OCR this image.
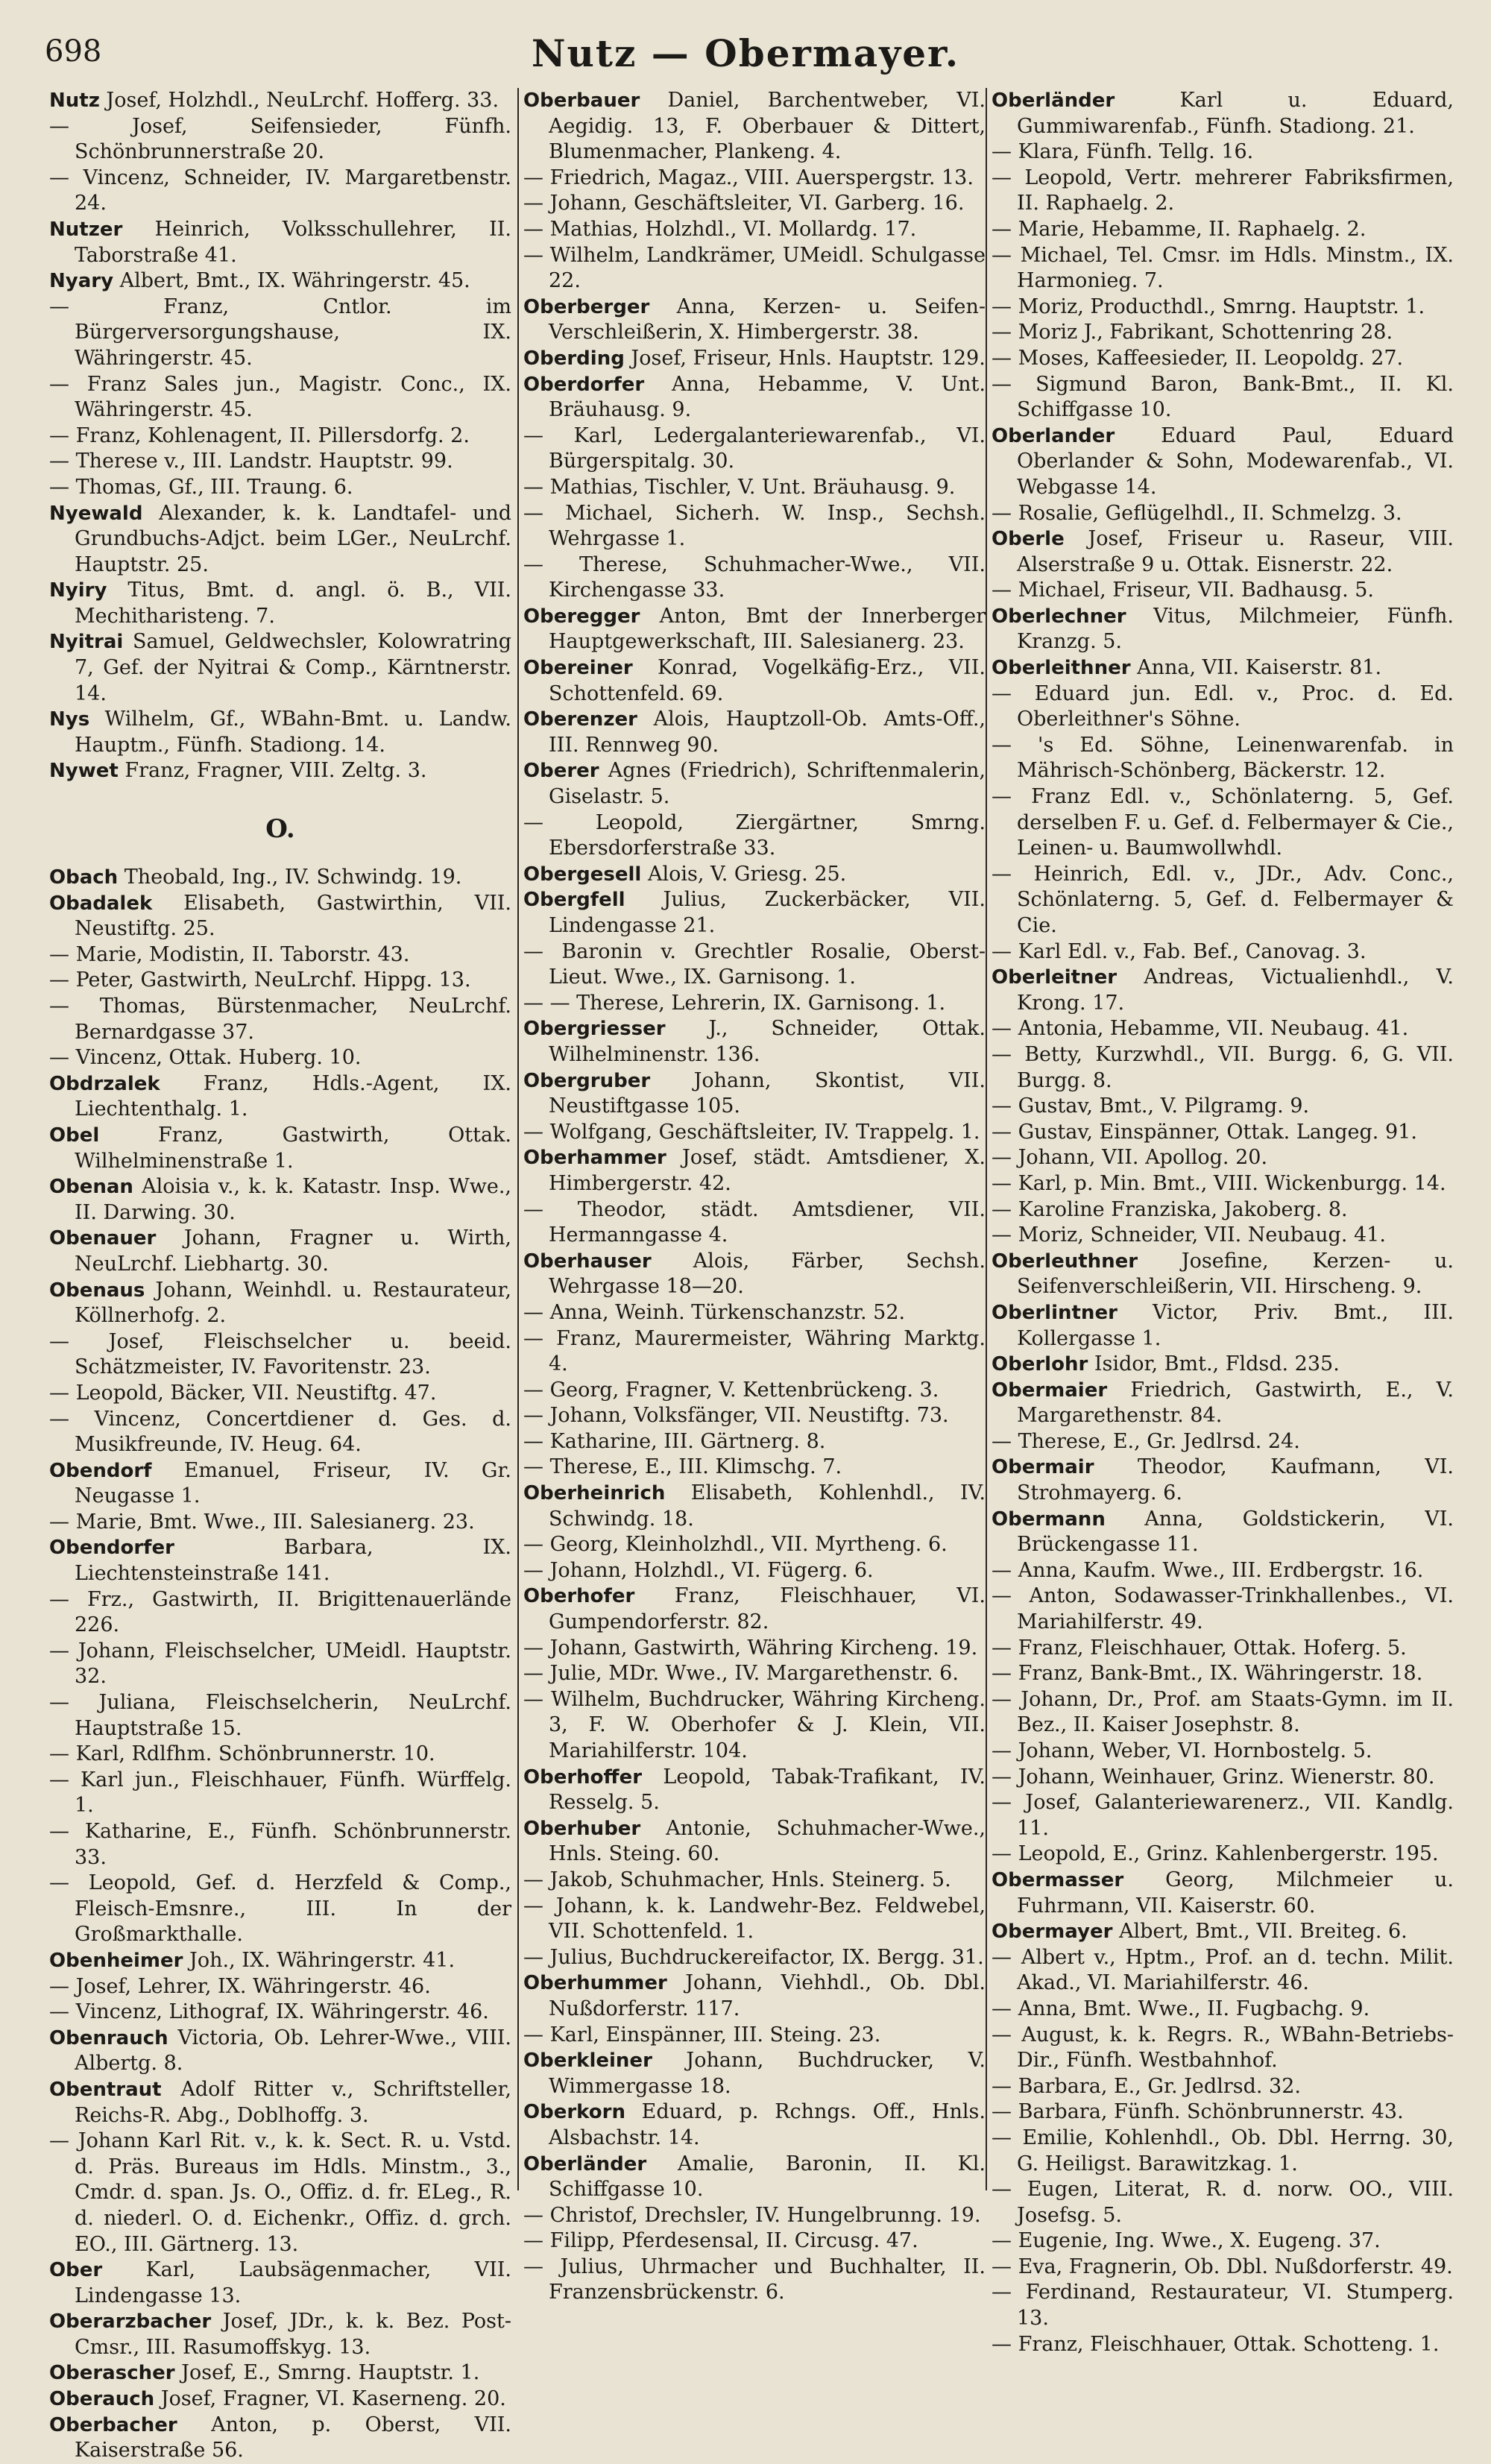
698	Nutz — Obermayer.

Nutz Josef, Holzhdl., NeuLrchf. Hofferg. 33.

— Josef, Seifensieder, Fünfh. Schönbrunnerstraße 20.

— Vincenz, Schneider, IV. Margaretbenstr. 24.

Nutzer Heinrich, Volksschullehrer, II. Taborstraße 41.

Nyary Albert, Bmt., IX. Währingerstr. 45.

— Franz, Cntlor. im Bürgerversorgungshause, IX. Währingerstr. 45.

— Franz Sales jun., Magistr. Conc., IX. Währingerstr. 45.

— Franz, Kohlenagent, II. Pillersdorfg. 2.

— Therese v., III. Landstr. Hauptstr. 99.

— Thomas, Gf., III. Traung. 6.

Nyewald Alexander, k. k. Landtafel- und Grundbuchs-Adjct. beim LGer., NeuLrchf. Hauptstr. 25.

Nyiry Titus, Bmt. d. angl. ö. B., VII. Mechitharisteng. 7.

Nyitrai Samuel, Geldwechsler, Kolowratring 7, Gef. der Nyitrai & Comp., Kärntnerstr. 14.

Nys Wilhelm, Gf., WBahn-Bmt. u. Landw. Hauptm., Fünfh. Stadiong. 14.

Nywet Franz, Fragner, VIII. Zeltg. 3.

O.

Obach Theobald, Ing., IV. Schwindg. 19.

Obadalek Elisabeth, Gastwirthin, VII. Neustiftg. 25.

— Marie, Modistin, II. Taborstr. 43.

— Peter, Gastwirth, NeuLrchf. Hippg. 13.

— Thomas, Bürstenmacher, NeuLrchf. Bernardgasse 37.

— Vincenz, Ottak. Huberg. 10.

Obdrzalek Franz, Hdls.-Agent, IX. Liechtenthalg. 1.

Obel Franz, Gastwirth, Ottak. Wilhelminenstraße 1.

Obenan Aloisia v., k. k. Katastr. Insp. Wwe., II. Darwing. 30.

Obenauer Johann, Fragner u. Wirth, NeuLrchf. Liebhartg. 30.

Obenaus Johann, Weinhdl. u. Restaurateur, Köllnerhofg. 2.

— Josef, Fleischselcher u. beeid. Schätzmeister, IV. Favoritenstr. 23.

— Leopold, Bäcker, VII. Neustiftg. 47.

— Vincenz, Concertdiener d. Ges. d. Musikfreunde, IV. Heug. 64.

Obendorf Emanuel, Friseur, IV. Gr. Neugasse 1.

— Marie, Bmt. Wwe., III. Salesianerg. 23.

Obendorfer Barbara, IX. Liechtensteinstraße 141.

— Frz., Gastwirth, II. Brigittenauerlände 226.

— Johann, Fleischselcher, UMeidl. Hauptstr. 32.

— Juliana, Fleischselcherin, NeuLrchf. Hauptstraße 15.

— Karl, Rdlfhm. Schönbrunnerstr. 10.

— Karl jun., Fleischhauer, Fünfh. Würffelg. 1.

— Katharine, E., Fünfh. Schönbrunnerstr. 33.

— Leopold, Gef. d. Herzfeld & Comp., Fleisch-Emsnre., III. In der Großmarkthalle.

Obenheimer Joh., IX. Währingerstr. 41.

— Josef, Lehrer, IX. Währingerstr. 46.

— Vincenz, Lithograf, IX. Währingerstr. 46.

Obenrauch Victoria, Ob. Lehrer-Wwe., VIII. Albertg. 8.

Obentraut Adolf Ritter v., Schriftsteller, Reichs-R. Abg., Doblhoffg. 3.

— Johann Karl Rit. v., k. k. Sect. R. u. Vstd. d. Präs. Bureaus im Hdls. Minstm., 3., Cmdr. d. span. Js. O., Offiz. d. fr. ELeg., R. d. niederl. O. d. Eichenkr., Offiz. d. grch. EO., III. Gärtnerg. 13.

Ober Karl, Laubsägenmacher, VII. Lindengasse 13.

Oberarzbacher Josef, JDr., k. k. Bez. Post-Cmsr., III. Rasumoffskyg. 13.

Oberascher Josef, E., Smrng. Hauptstr. 1.

Oberauch Josef, Fragner, VI. Kaserneng. 20.

Oberbacher Anton, p. Oberst, VII. Kaiserstraße 56.

Oberbauer Daniel, Barchentweber, VI. Aegidig. 13, F. Oberbauer & Dittert, Blumenmacher, Plankeng. 4.

— Friedrich, Magaz., VIII. Auerspergstr. 13.

— Johann, Geschäftsleiter, VI. Garberg. 16.

— Mathias, Holzhdl., VI. Mollardg. 17.

— Wilhelm, Landkrämer, UMeidl. Schulgasse 22.

Oberberger Anna, Kerzen- u. Seifen-Verschleißerin, X. Himbergerstr. 38.

Oberding Josef, Friseur, Hnls. Hauptstr. 129.

Oberdorfer Anna, Hebamme, V. Unt. Bräuhausg. 9.

— Karl, Ledergalanteriewarenfab., VI. Bürgerspitalg. 30.

— Mathias, Tischler, V. Unt. Bräuhausg. 9.

— Michael, Sicherh. W. Insp., Sechsh. Wehrgasse 1.

— Therese, Schuhmacher-Wwe., VII. Kirchengasse 33.

Oberegger Anton, Bmt der Innerberger Hauptgewerkschaft, III. Salesianerg. 23.

Obereiner Konrad, Vogelkäfig-Erz., VII. Schottenfeld. 69.

Oberenzer Alois, Hauptzoll-Ob. Amts-Off., III. Rennweg 90.

Oberer Agnes (Friedrich), Schriftenmalerin, Giselastr. 5.

— Leopold, Ziergärtner, Smrng. Ebersdorferstraße 33.

Obergesell Alois, V. Griesg. 25.

Obergfell Julius, Zuckerbäcker, VII. Lindengasse 21.

— Baronin v. Grechtler Rosalie, Oberst-Lieut. Wwe., IX. Garnisong. 1.

— — Therese, Lehrerin, IX. Garnisong. 1.

Obergriesser J., Schneider, Ottak. Wilhelminenstr. 136.

Obergruber Johann, Skontist, VII. Neustiftgasse 105.

— Wolfgang, Geschäftsleiter, IV. Trappelg. 1.

Oberhammer Josef, städt. Amtsdiener, X. Himbergerstr. 42.

— Theodor, städt. Amtsdiener, VII. Hermanngasse 4.

Oberhauser Alois, Färber, Sechsh. Wehrgasse 18—20.

— Anna, Weinh. Türkenschanzstr. 52.

— Franz, Maurermeister, Währing Marktg. 4.

— Georg, Fragner, V. Kettenbrückeng. 3.

— Johann, Volksfänger, VII. Neustiftg. 73.

— Katharine, III. Gärtnerg. 8.

— Therese, E., III. Klimschg. 7.

Oberheinrich Elisabeth, Kohlenhdl., IV. Schwindg. 18.

— Georg, Kleinholzhdl., VII. Myrtheng. 6.

— Johann, Holzhdl., VI. Fügerg. 6.

Oberhofer Franz, Fleischhauer, VI. Gumpendorferstr. 82.

— Johann, Gastwirth, Währing Kircheng. 19.

— Julie, MDr. Wwe., IV. Margarethenstr. 6.

— Wilhelm, Buchdrucker, Währing Kircheng. 3, F. W. Oberhofer & J. Klein, VII. Mariahilferstr. 104.

Oberhoffer Leopold, Tabak-Trafikant, IV. Resselg. 5.

Oberhuber Antonie, Schuhmacher-Wwe., Hnls. Steing. 60.

— Jakob, Schuhmacher, Hnls. Steinerg. 5.

— Johann, k. k. Landwehr-Bez. Feldwebel, VII. Schottenfeld. 1.

— Julius, Buchdruckereifactor, IX. Bergg. 31.

Oberhummer Johann, Viehhdl., Ob. Dbl. Nußdorferstr. 117.

— Karl, Einspänner, III. Steing. 23.

Oberkleiner Johann, Buchdrucker, V. Wimmergasse 18.

Oberkorn Eduard, p. Rchngs. Off., Hnls. Alsbachstr. 14.

Oberländer Amalie, Baronin, II. Kl. Schiffgasse 10.

— Christof, Drechsler, IV. Hungelbrunng. 19.

— Filipp, Pferdesensal, II. Circusg. 47.

— Julius, Uhrmacher und Buchhalter, II. Franzensbrückenstr. 6.

Oberländer Karl u. Eduard, Gummiwarenfab., Fünfh. Stadiong. 21.

— Klara, Fünfh. Tellg. 16.

— Leopold, Vertr. mehrerer Fabriksfirmen, II. Raphaelg. 2.

— Marie, Hebamme, II. Raphaelg. 2.

— Michael, Tel. Cmsr. im Hdls. Minstm., IX. Harmonieg. 7.

— Moriz, Producthdl., Smrng. Hauptstr. 1.

— Moriz J., Fabrikant, Schottenring 28.

— Moses, Kaffeesieder, II. Leopoldg. 27.

— Sigmund Baron, Bank-Bmt., II. Kl. Schiffgasse 10.

Oberlander Eduard Paul, Eduard Oberlander & Sohn, Modewarenfab., VI. Webgasse 14.

— Rosalie, Geflügelhdl., II. Schmelzg. 3.

Oberle Josef, Friseur u. Raseur, VIII. Alserstraße 9 u. Ottak. Eisnerstr. 22.

— Michael, Friseur, VII. Badhausg. 5.

Oberlechner Vitus, Milchmeier, Fünfh. Kranzg. 5.

Oberleithner Anna, VII. Kaiserstr. 81.

— Eduard jun. Edl. v., Proc. d. Ed. Oberleithner's Söhne.

— 's Ed. Söhne, Leinenwarenfab. in Mährisch-Schönberg, Bäckerstr. 12.

— Franz Edl. v., Schönlaterng. 5, Gef. derselben F. u. Gef. d. Felbermayer & Cie., Leinen- u. Baumwollwhdl.

— Heinrich, Edl. v., JDr., Adv. Conc., Schönlaterng. 5, Gef. d. Felbermayer & Cie.

— Karl Edl. v., Fab. Bef., Canovag. 3.

Oberleitner Andreas, Victualienhdl., V. Krong. 17.

— Antonia, Hebamme, VII. Neubaug. 41.

— Betty, Kurzwhdl., VII. Burgg. 6, G. VII. Burgg. 8.

— Gustav, Bmt., V. Pilgramg. 9.

— Gustav, Einspänner, Ottak. Langeg. 91.

— Johann, VII. Apollog. 20.

— Karl, p. Min. Bmt., VIII. Wickenburgg. 14.

— Karoline Franziska, Jakoberg. 8.

— Moriz, Schneider, VII. Neubaug. 41.

Oberleuthner Josefine, Kerzen- u. Seifenverschleißerin, VII. Hirscheng. 9.

Oberlintner Victor, Priv. Bmt., III. Kollergasse 1.

Oberlohr Isidor, Bmt., Fldsd. 235.

Obermaier Friedrich, Gastwirth, E., V. Margarethenstr. 84.

— Therese, E., Gr. Jedlrsd. 24.

Obermair Theodor, Kaufmann, VI. Strohmayerg. 6.

Obermann Anna, Goldstickerin, VI. Brückengasse 11.

— Anna, Kaufm. Wwe., III. Erdbergstr. 16.

— Anton, Sodawasser-Trinkhallenbes., VI. Mariahilferstr. 49.

— Franz, Fleischhauer, Ottak. Hoferg. 5.

— Franz, Bank-Bmt., IX. Währingerstr. 18.

— Johann, Dr., Prof. am Staats-Gymn. im II. Bez., II. Kaiser Josephstr. 8.

— Johann, Weber, VI. Hornbostelg. 5.

— Johann, Weinhauer, Grinz. Wienerstr. 80.

— Josef, Galanteriewarenerz., VII. Kandlg. 11.

— Leopold, E., Grinz. Kahlenbergerstr. 195.

Obermasser Georg, Milchmeier u. Fuhrmann, VII. Kaiserstr. 60.

Obermayer Albert, Bmt., VII. Breiteg. 6.

— Albert v., Hptm., Prof. an d. techn. Milit. Akad., VI. Mariahilferstr. 46.

— Anna, Bmt. Wwe., II. Fugbachg. 9.

— August, k. k. Regrs. R., WBahn-Betriebs-Dir., Fünfh. Westbahnhof.

— Barbara, E., Gr. Jedlrsd. 32.

— Barbara, Fünfh. Schönbrunnerstr. 43.

— Emilie, Kohlenhdl., Ob. Dbl. Herrng. 30, G. Heiligst. Barawitzkag. 1.

— Eugen, Literat, R. d. norw. OO., VIII. Josefsg. 5.

— Eugenie, Ing. Wwe., X. Eugeng. 37.

— Eva, Fragnerin, Ob. Dbl. Nußdorferstr. 49.

— Ferdinand, Restaurateur, VI. Stumperg. 13.

— Franz, Fleischhauer, Ottak. Schotteng. 1.
